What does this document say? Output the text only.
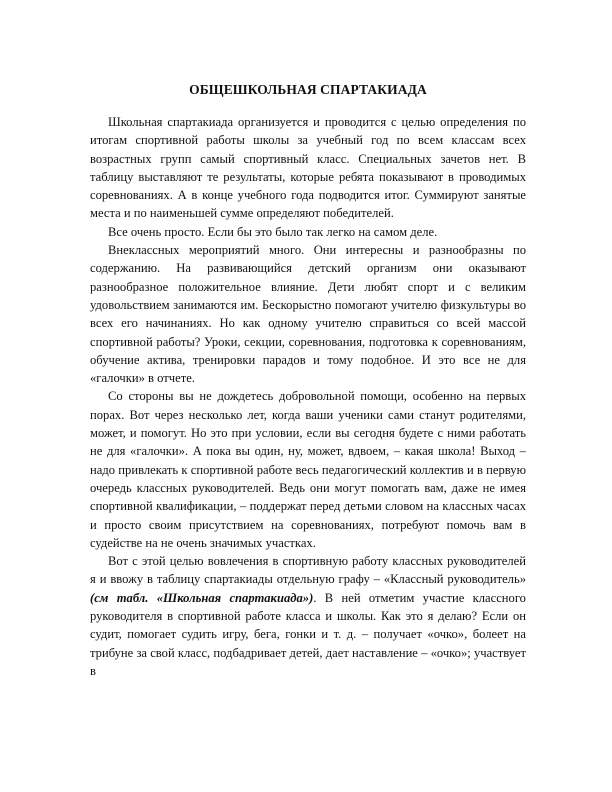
ОБЩЕШКОЛЬНАЯ СПАРТАКИАДА

Школьная спартакиада организуется и проводится с целью определения по итогам спортивной работы школы за учебный год по всем классам всех возрастных групп самый спортивный класс. Специальных зачетов нет. В таблицу выставляют те результаты, которые ребята показывают в проводимых соревнованиях. А в конце учебного года подводится итог. Суммируют занятые места и по наименьшей сумме определяют победителей.

Все очень просто. Если бы это было так легко на самом деле.

Внеклассных мероприятий много. Они интересны и разнообразны по содержанию. На развивающийся детский организм они оказывают разнообразное положительное влияние. Дети любят спорт и с великим удовольствием занимаются им. Бескорыстно помогают учителю физкультуры во всех его начинаниях. Но как одному учителю справиться со всей массой спортивной работы? Уроки, секции, соревнования, подготовка к соревнованиям, обучение актива, тренировки парадов и тому подобное. И это все не для «галочки» в отчете.

Со стороны вы не дождетесь добровольной помощи, особенно на первых порах. Вот через несколько лет, когда ваши ученики сами станут родителями, может, и помогут. Но это при условии, если вы сегодня будете с ними работать не для «галочки». А пока вы один, ну, может, вдвоем, – какая школа! Выход – надо привлекать к спортивной работе весь педагогический коллектив и в первую очередь классных руководителей. Ведь они могут помогать вам, даже не имея спортивной квалификации, – поддержат перед детьми словом на классных часах и просто своим присутствием на соревнованиях, потребуют помочь вам в судействе на не очень значимых участках.

Вот с этой целью вовлечения в спортивную работу классных руководителей я и ввожу в таблицу спартакиады отдельную графу – «Классный руководитель» (см табл. «Школьная спартакиада»). В ней отметим участие классного руководителя в спортивной работе класса и школы. Как это я делаю? Если он судит, помогает судить игру, бега, гонки и т. д. – получает «очко», болеет на трибуне за свой класс, подбадривает детей, дает наставление – «очко»; участвует в
